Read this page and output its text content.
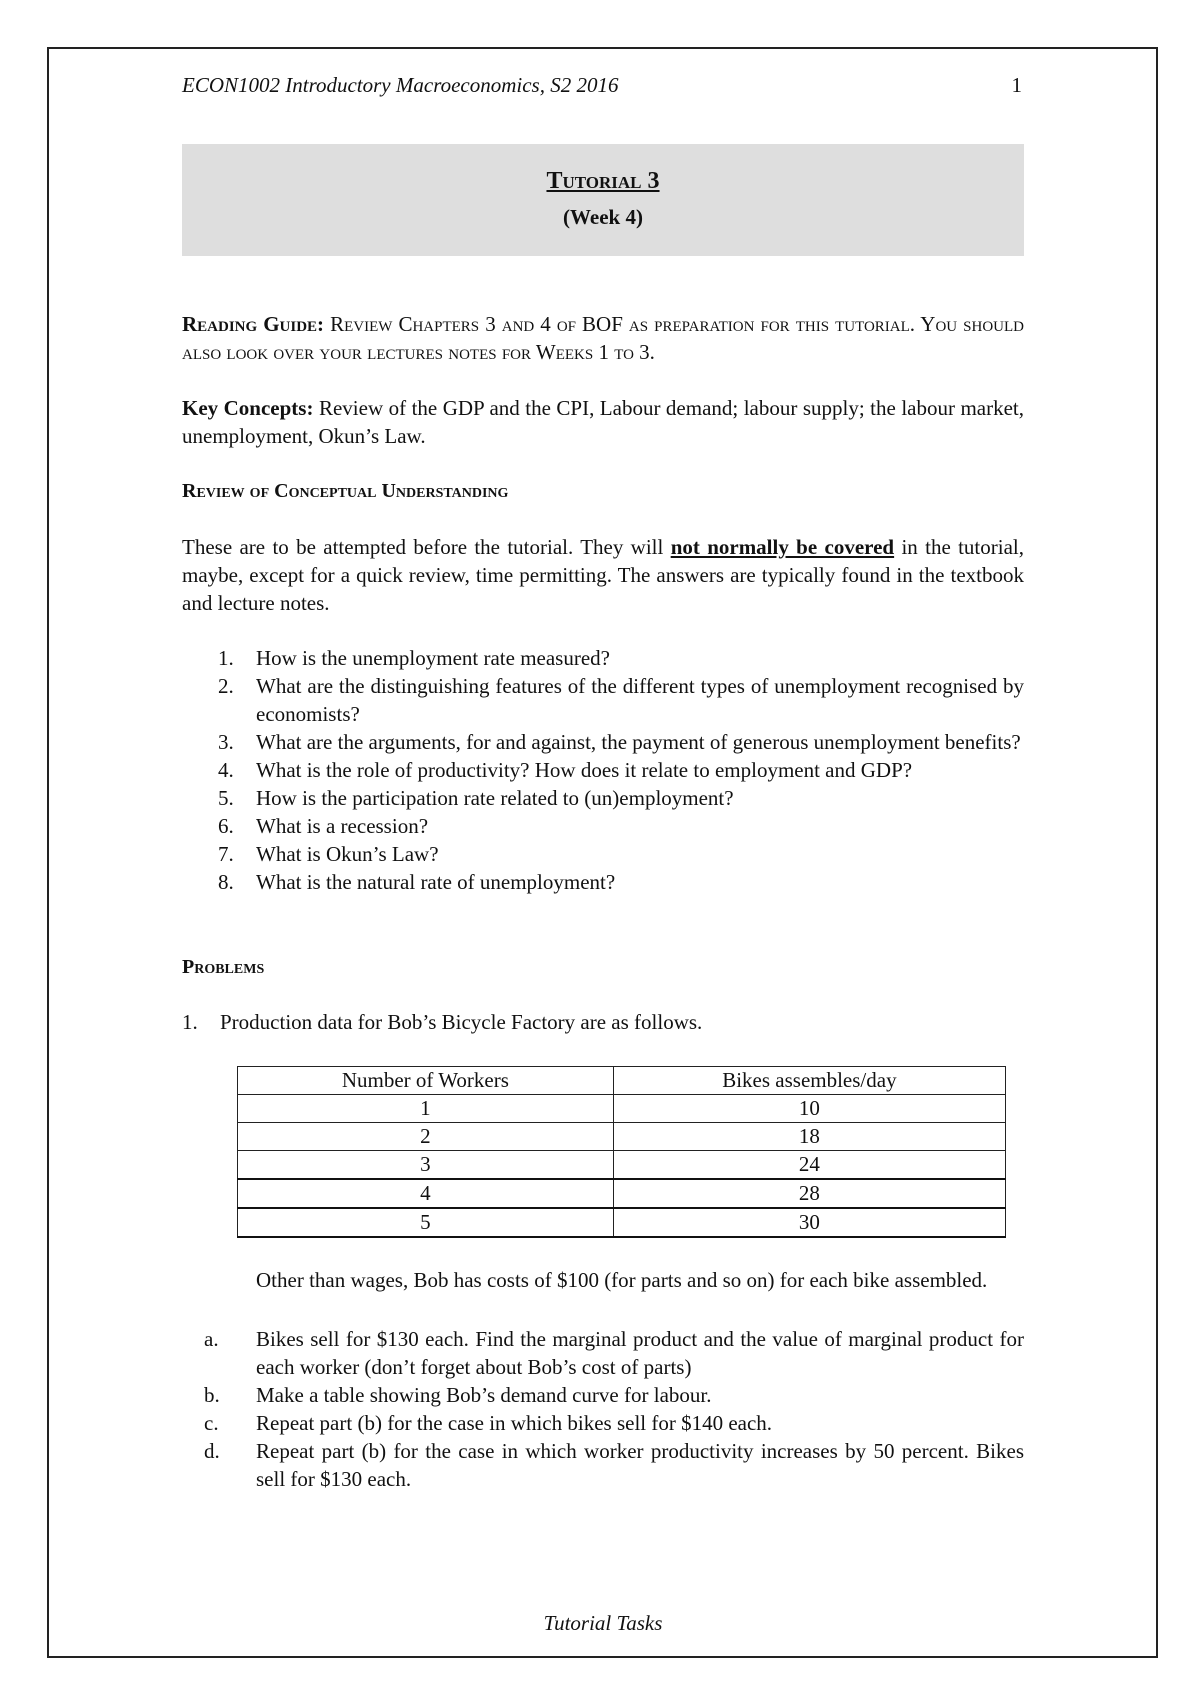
ECON1002 Introductory Macroeconomics, S2 2016	1
Tutorial 3
(Week 4)
Reading Guide: Review Chapters 3 and 4 of BOF as preparation for this tutorial. You should also look over your lectures notes for Weeks 1 to 3.
Key Concepts: Review of the GDP and the CPI, Labour demand; labour supply; the labour market, unemployment, Okun’s Law.
Review of Conceptual Understanding
These are to be attempted before the tutorial. They will not normally be covered in the tutorial, maybe, except for a quick review, time permitting. The answers are typically found in the textbook and lecture notes.
1. How is the unemployment rate measured?
2. What are the distinguishing features of the different types of unemployment recognised by economists?
3. What are the arguments, for and against, the payment of generous unemployment benefits?
4. What is the role of productivity? How does it relate to employment and GDP?
5. How is the participation rate related to (un)employment?
6. What is a recession?
7. What is Okun’s Law?
8. What is the natural rate of unemployment?
Problems
1. Production data for Bob’s Bicycle Factory are as follows.
Number of Workers	Bikes assembles/day
1	10
2	18
3	24
4	28
5	30
Other than wages, Bob has costs of $100 (for parts and so on) for each bike assembled.
a. Bikes sell for $130 each. Find the marginal product and the value of marginal product for each worker (don’t forget about Bob’s cost of parts)
b. Make a table showing Bob’s demand curve for labour.
c. Repeat part (b) for the case in which bikes sell for $140 each.
d. Repeat part (b) for the case in which worker productivity increases by 50 percent. Bikes sell for $130 each.
Tutorial Tasks
